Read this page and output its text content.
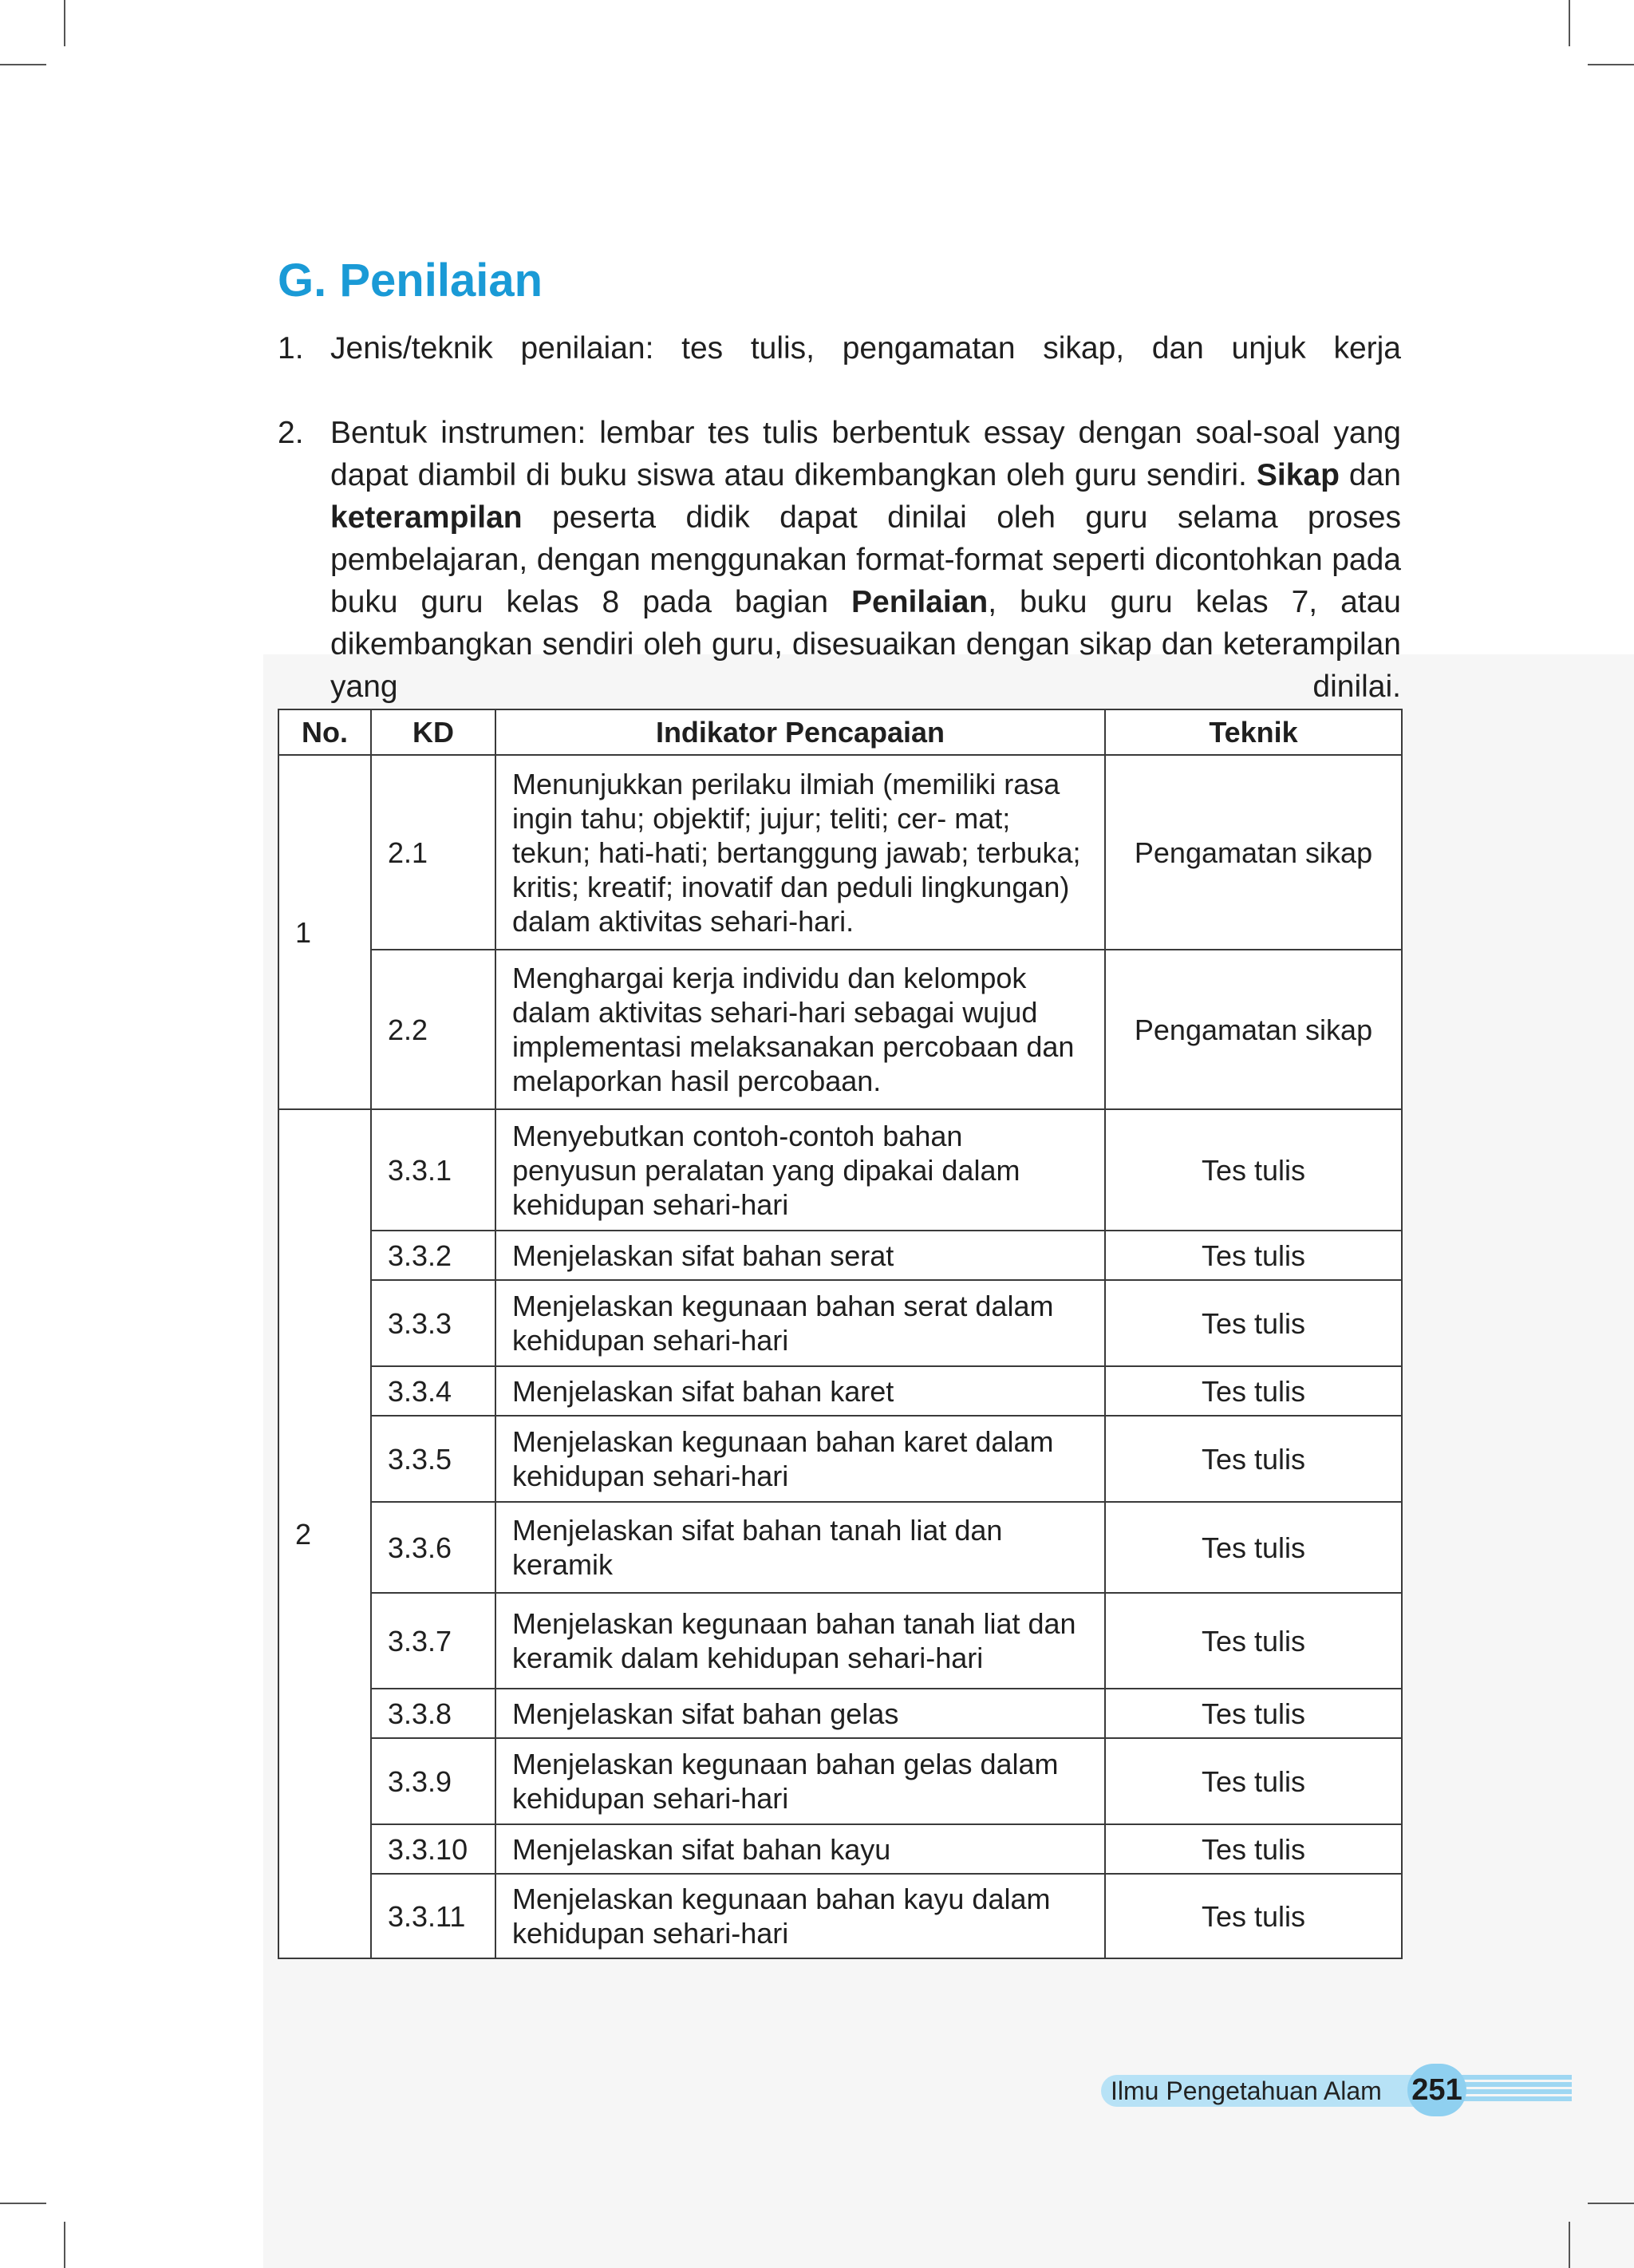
G. Penilaian
1. Jenis/teknik penilaian: tes tulis, pengamatan sikap, dan unjuk kerja
2. Bentuk instrumen: lembar tes tulis berbentuk essay dengan soal-soal yang dapat diambil di buku siswa atau dikembangkan oleh guru sendiri. Sikap dan keterampilan peserta didik dapat dinilai oleh guru selama proses pembelajaran, dengan menggunakan format-format seperti dicontohkan pada buku guru kelas 8 pada bagian Penilaian, buku guru kelas 7, atau dikembangkan sendiri oleh guru, disesuaikan dengan sikap dan keterampilan yang dinilai.
No.	KD	Indikator Pencapaian	Teknik
1	2.1	Menunjukkan perilaku ilmiah (memiliki rasa ingin tahu; objektif; jujur; teliti; cer- mat; tekun; hati-hati; bertanggung jawab; terbuka; kritis; kreatif; inovatif dan peduli lingkungan) dalam aktivitas sehari-hari.	Pengamatan sikap
	2.2	Menghargai kerja individu dan kelompok dalam aktivitas sehari-hari sebagai wujud implementasi melaksanakan percobaan dan melaporkan hasil percobaan.	Pengamatan sikap
2	3.3.1	Menyebutkan contoh-contoh bahan penyusun peralatan yang dipakai dalam kehidupan sehari-hari	Tes tulis
	3.3.2	Menjelaskan sifat bahan serat	Tes tulis
	3.3.3	Menjelaskan kegunaan bahan serat dalam kehidupan sehari-hari	Tes tulis
	3.3.4	Menjelaskan sifat bahan karet	Tes tulis
	3.3.5	Menjelaskan kegunaan bahan karet dalam kehidupan sehari-hari	Tes tulis
	3.3.6	Menjelaskan sifat bahan tanah liat dan keramik	Tes tulis
	3.3.7	Menjelaskan kegunaan bahan tanah liat dan keramik dalam kehidupan sehari-hari	Tes tulis
	3.3.8	Menjelaskan sifat bahan gelas	Tes tulis
	3.3.9	Menjelaskan kegunaan bahan gelas dalam kehidupan sehari-hari	Tes tulis
	3.3.10	Menjelaskan sifat bahan kayu	Tes tulis
	3.3.11	Menjelaskan kegunaan bahan kayu dalam kehidupan sehari-hari	Tes tulis
Ilmu Pengetahuan Alam 251
